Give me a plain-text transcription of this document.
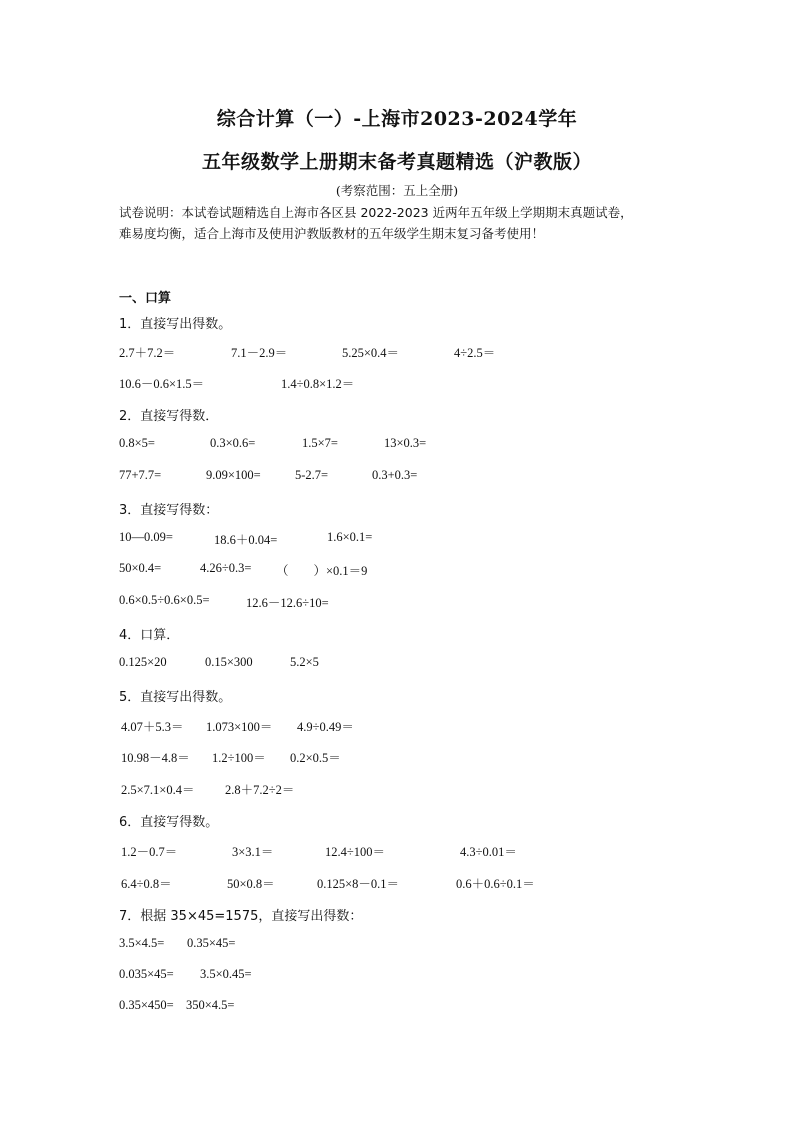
综合计算（一）-上海市2023-2024学年
五年级数学上册期末备考真题精选（沪教版）
(考察范围：五上全册)
试卷说明：本试卷试题精选自上海市各区县 2022-2023 近两年五年级上学期期末真题试卷，
难易度均衡，适合上海市及使用沪教版教材的五年级学生期末复习备考使用！
一、口算
1．直接写出得数。
2.7＋7.2＝	7.1－2.9＝	5.25×0.4＝	4÷2.5＝
10.6－0.6×1.5＝	1.4÷0.8×1.2＝
2．直接写得数．
0.8×5=	0.3×0.6=	1.5×7=	13×0.3=
77+7.7=	9.09×100=	5-2.7=	0.3+0.3=
3．直接写得数：
10—0.09=	18.6＋0.04=	1.6×0.1=
50×0.4=	4.26÷0.3= （　　）×0.1＝9
0.6×0.5÷0.6×0.5=	12.6－12.6÷10=
4．口算．
0.125×20	0.15×300	5.2×5
5．直接写出得数。
4.07＋5.3＝ 1.073×100＝ 4.9÷0.49＝
10.98－4.8＝ 1.2÷100＝ 0.2×0.5＝
2.5×7.1×0.4＝ 2.8＋7.2÷2＝
6．直接写得数。
1.2－0.7＝	3×3.1＝	12.4÷100＝	4.3÷0.01＝
6.4÷0.8＝	50×0.8＝	0.125×8－0.1＝	0.6＋0.6÷0.1＝
7．根据 35×45=1575，直接写出得数：
3.5×4.5= 0.35×45=
0.035×45= 3.5×0.45=
0.35×450= 350×4.5=
